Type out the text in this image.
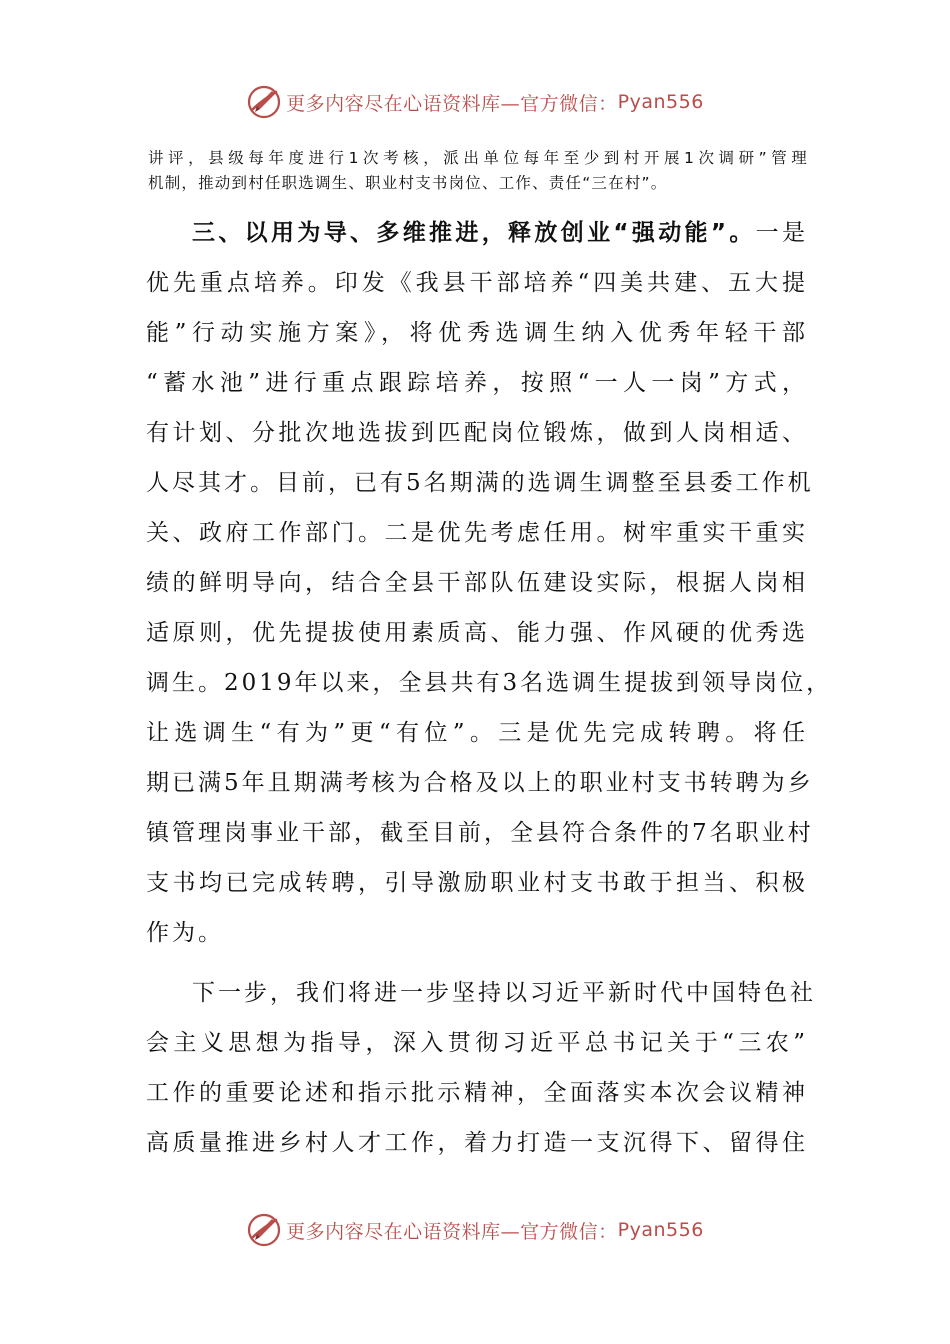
更多内容尽在心语资料库—官方微信： Pyan556
讲评，县级每年度进行1次考核，派出单位每年至少到村开展1次调研”管理
机制，推动到村任职选调生、职业村支书岗位、工作、责任“三在村”。
三、以用为导、多维推进，释放创业“强动能”。一是
优先重点培养。印发《我县干部培养“四美共建、五大提
能”行动实施方案》，将优秀选调生纳入优秀年轻干部
“蓄水池”进行重点跟踪培养，按照“一人一岗”方式，
有计划、分批次地选拔到匹配岗位锻炼，做到人岗相适、
人尽其才。目前，已有5名期满的选调生调整至县委工作机
关、政府工作部门。二是优先考虑任用。树牢重实干重实
绩的鲜明导向，结合全县干部队伍建设实际，根据人岗相
适原则，优先提拔使用素质高、能力强、作风硬的优秀选
调生。2019年以来，全县共有3名选调生提拔到领导岗位，
让选调生“有为”更“有位”。三是优先完成转聘。将任
期已满5年且期满考核为合格及以上的职业村支书转聘为乡
镇管理岗事业干部，截至目前，全县符合条件的7名职业村
支书均已完成转聘，引导激励职业村支书敢于担当、积极
作为。
下一步，我们将进一步坚持以习近平新时代中国特色社
会主义思想为指导，深入贯彻习近平总书记关于“三农”
工作的重要论述和指示批示精神，全面落实本次会议精神
高质量推进乡村人才工作，着力打造一支沉得下、留得住
更多内容尽在心语资料库—官方微信： Pyan556
